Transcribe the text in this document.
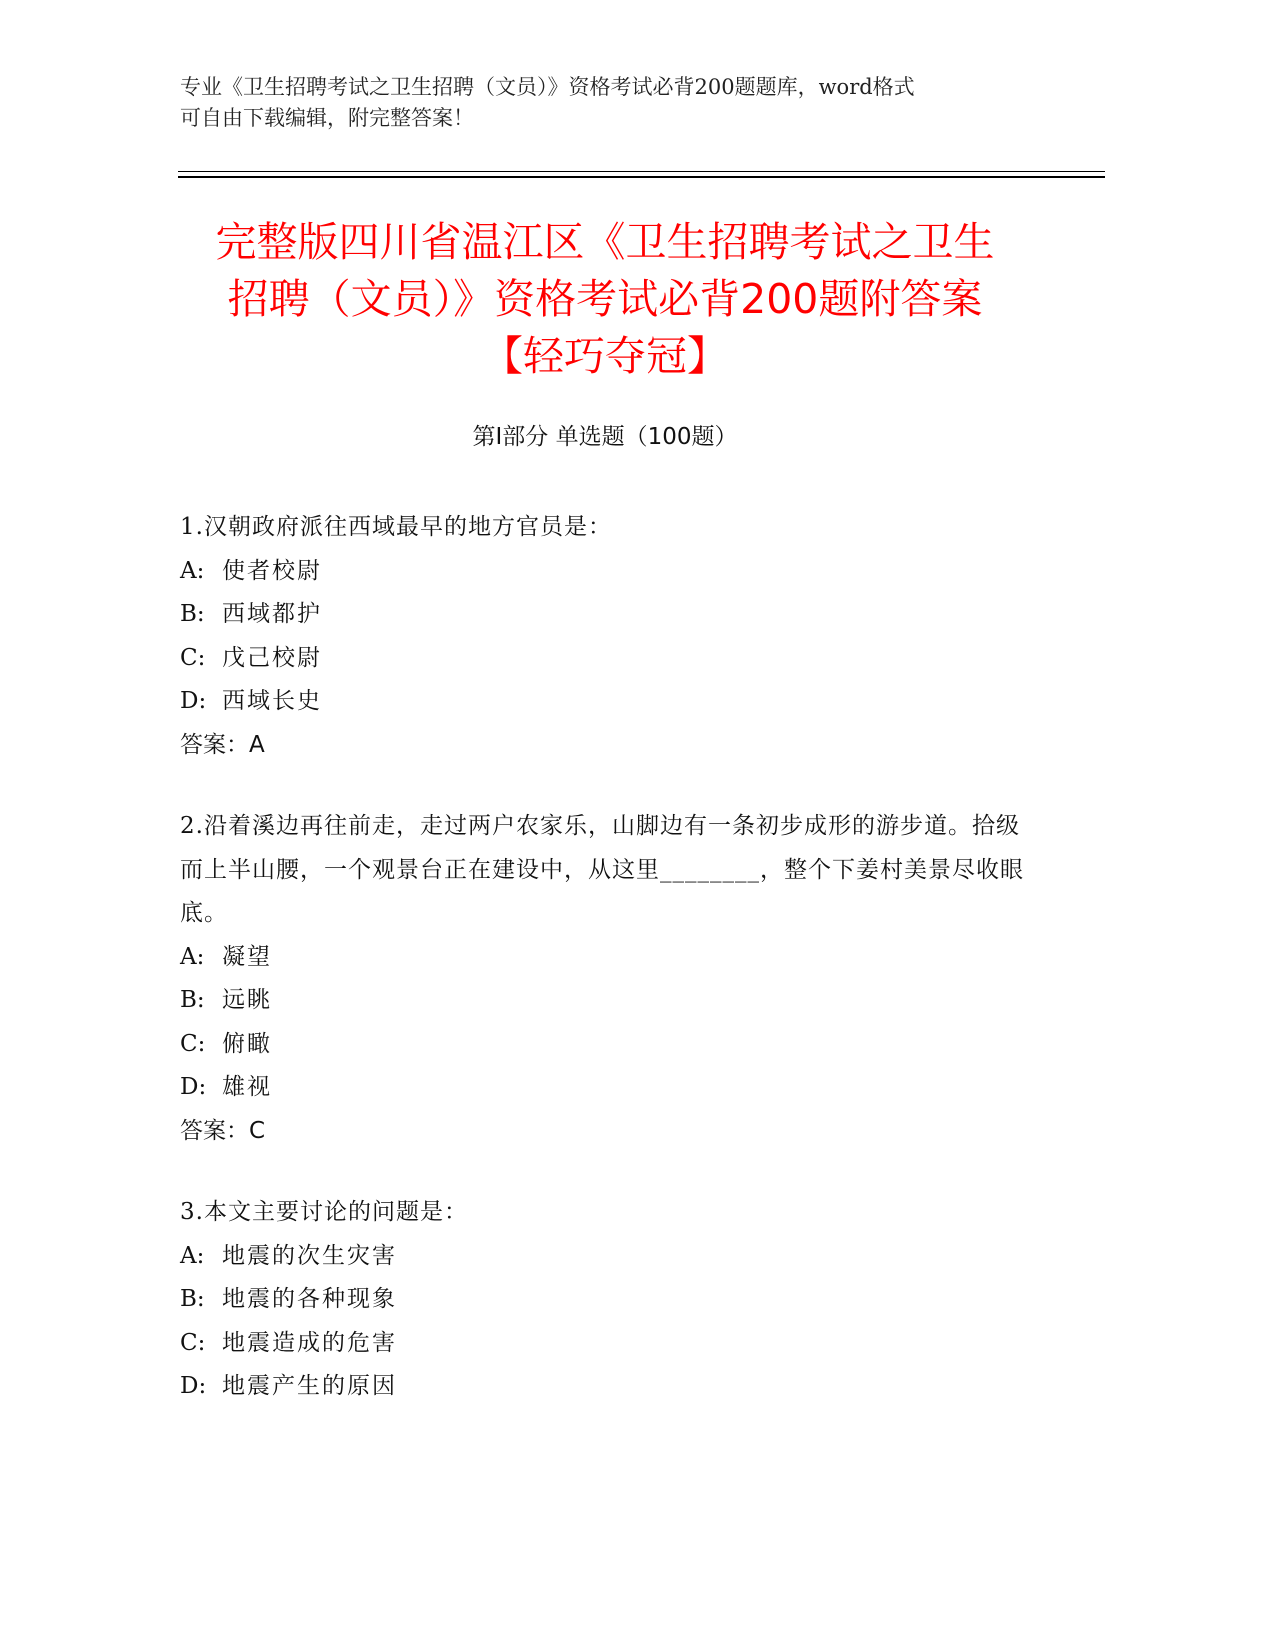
专业《卫生招聘考试之卫生招聘（文员）》资格考试必背200题题库，word格式
可自由下载编辑，附完整答案！
完整版四川省温江区《卫生招聘考试之卫生
招聘（文员）》资格考试必背200题附答案
【轻巧夺冠】
第Ⅰ部分 单选题（100题）

1.汉朝政府派往西域最早的地方官员是：

A: 使者校尉

B: 西域都护

C: 戊己校尉

D: 西域长史

答案：A

2.沿着溪边再往前走，走过两户农家乐，山脚边有一条初步成形的游步道。拾级而上半山腰，一个观景台正在建设中，从这里________，整个下姜村美景尽收眼底。

A: 凝望

B: 远眺

C: 俯瞰

D: 雄视

答案：C

3.本文主要讨论的问题是：

A: 地震的次生灾害

B: 地震的各种现象

C: 地震造成的危害

D: 地震产生的原因
